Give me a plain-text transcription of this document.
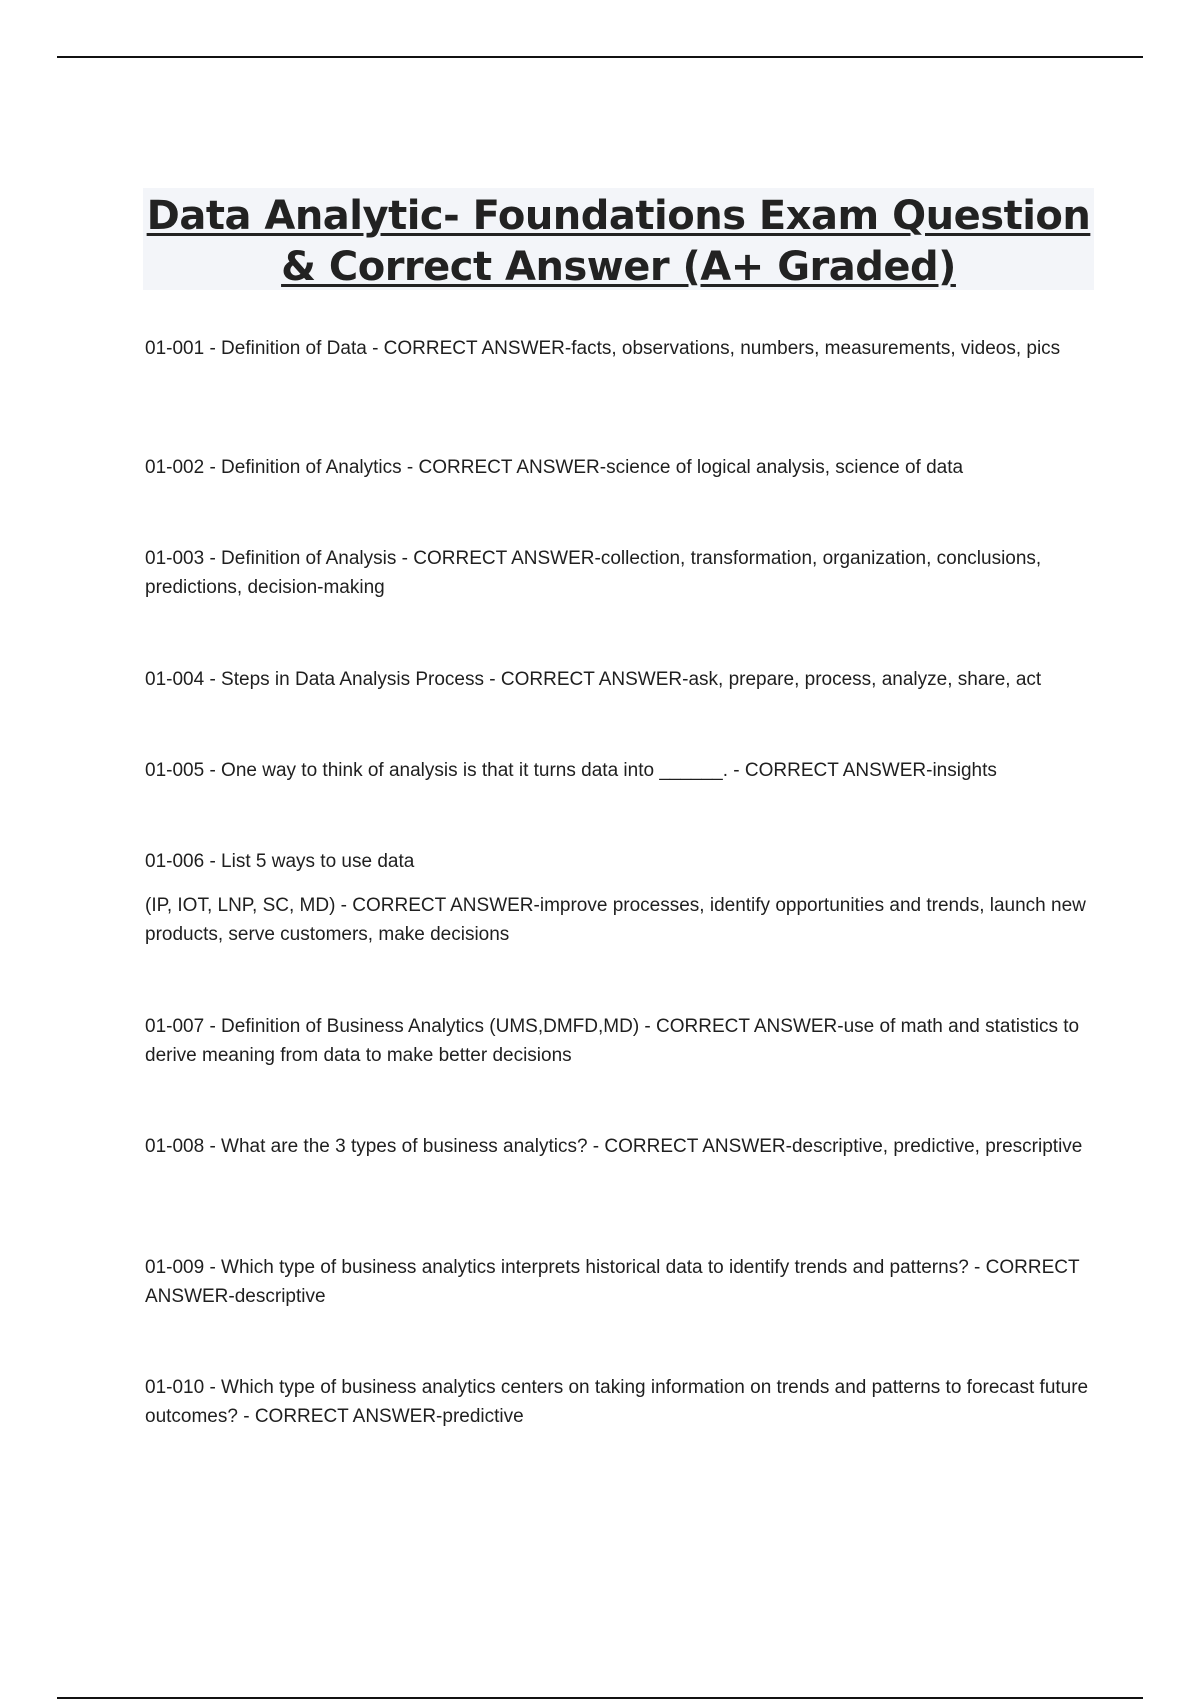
Data Analytic- Foundations Exam Question
& Correct Answer (A+ Graded)

01-001 - Definition of Data - CORRECT ANSWER-facts, observations, numbers, measurements, videos, pics

01-002 - Definition of Analytics - CORRECT ANSWER-science of logical analysis, science of data

01-003 - Definition of Analysis - CORRECT ANSWER-collection, transformation, organization, conclusions, predictions, decision-making

01-004 - Steps in Data Analysis Process - CORRECT ANSWER-ask, prepare, process, analyze, share, act

01-005 - One way to think of analysis is that it turns data into ______. - CORRECT ANSWER-insights

01-006 - List 5 ways to use data
(IP, IOT, LNP, SC, MD) - CORRECT ANSWER-improve processes, identify opportunities and trends, launch new products, serve customers, make decisions

01-007 - Definition of Business Analytics (UMS,DMFD,MD) - CORRECT ANSWER-use of math and statistics to derive meaning from data to make better decisions

01-008 - What are the 3 types of business analytics? - CORRECT ANSWER-descriptive, predictive, prescriptive

01-009 - Which type of business analytics interprets historical data to identify trends and patterns? - CORRECT ANSWER-descriptive

01-010 - Which type of business analytics centers on taking information on trends and patterns to forecast future outcomes? - CORRECT ANSWER-predictive
